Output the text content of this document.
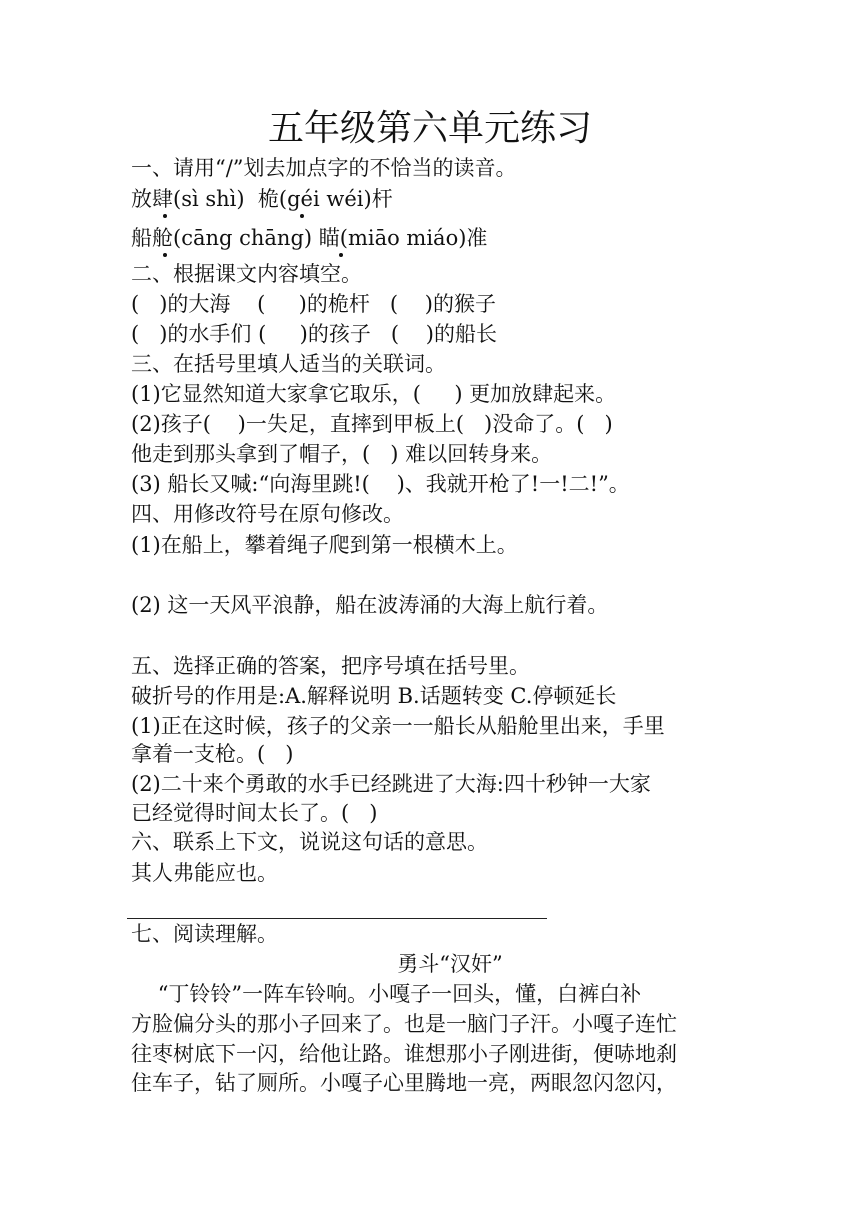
五年级第六单元练习
一、请用“/”划去加点字的不恰当的读音。
放肆(sì shì)  桅(géi wéi)杆
船舱(cāng chāng) 瞄(miāo miáo)准
二、根据课文内容填空。
(   )的大海    (     )的桅杆   (    )的猴子
(   )的水手们 (     )的孩子   (    )的船长
三、在括号里填人适当的关联词。
(1)它显然知道大家拿它取乐，(     ) 更加放肆起来。
(2)孩子(    )一失足，直摔到甲板上(   )没命了。(   )
他走到那头拿到了帽子，(   ) 难以回转身来。
(3) 船长又喊:“向海里跳!(    )、我就开枪了!一!二!”。
四、用修改符号在原句修改。
(1)在船上，攀着绳子爬到第一根横木上。
(2) 这一天风平浪静，船在波涛涌的大海上航行着。
五、选择正确的答案，把序号填在括号里。
破折号的作用是:A.解释说明 B.话题转变 C.停顿延长
(1)正在这时候，孩子的父亲一一船长从船舱里出来，手里
拿着一支枪。(   )
(2)二十来个勇敢的水手已经跳进了大海:四十秒钟一大家
已经觉得时间太长了。(   )
六、联系上下文，说说这句话的意思。
其人弗能应也。
七、阅读理解。
勇斗“汉奸”
“丁铃铃”一阵车铃响。小嘎子一回头，懂，白裤白补
方脸偏分头的那小子回来了。也是一脑门子汗。小嘎子连忙
往枣树底下一闪，给他让路。谁想那小子刚进街，便哧地刹
住车子，钻了厕所。小嘎子心里腾地一亮，两眼忽闪忽闪，
